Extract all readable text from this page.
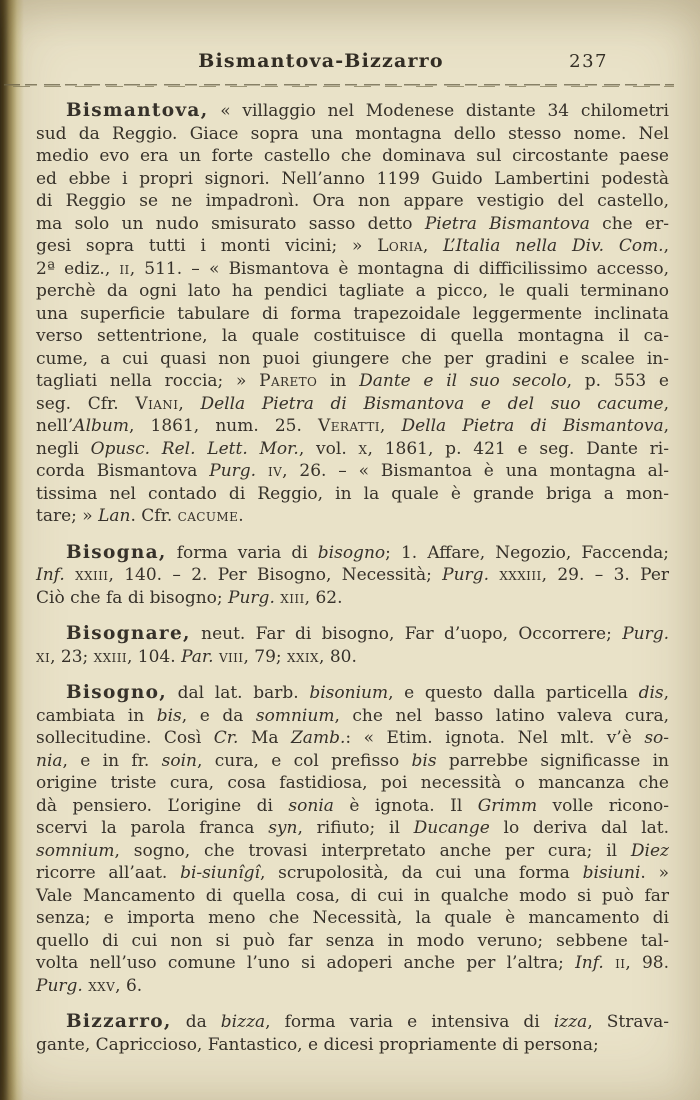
Bismantova-Bizzarro	237
Bismantova, « villaggio nel Modenese distante 34 chilometri
sud da Reggio. Giace sopra una montagna dello stesso nome. Nel
medio evo era un forte castello che dominava sul circostante paese
ed ebbe i propri signori. Nell’anno 1199 Guido Lambertini podestà
di Reggio se ne impadronì. Ora non appare vestigio del castello,
ma solo un nudo smisurato sasso detto Pietra Bismantova che er-
gesi sopra tutti i monti vicini; » Loria, L’Italia nella Div. Com.,
2ª ediz., ii, 511. – « Bismantova è montagna di difficilissimo accesso,
perchè da ogni lato ha pendici tagliate a picco, le quali terminano
una superficie tabulare di forma trapezoidale leggermente inclinata
verso settentrione, la quale costituisce di quella montagna il ca-
cume, a cui quasi non puoi giungere che per gradini e scalee in-
tagliati nella roccia; » Pareto in Dante e il suo secolo, p. 553 e
seg. Cfr. Viani, Della Pietra di Bismantova e del suo cacume,
nell’Album, 1861, num. 25. Veratti, Della Pietra di Bismantova,
negli Opusc. Rel. Lett. Mor., vol. x, 1861, p. 421 e seg. Dante ri-
corda Bismantova Purg. iv, 26. – « Bismantoa è una montagna al-
tissima nel contado di Reggio, in la quale è grande briga a mon-
tare; » Lan. Cfr. cacume.
Bisogna, forma varia di bisogno; 1. Affare, Negozio, Faccenda;
Inf. xxiii, 140. – 2. Per Bisogno, Necessità; Purg. xxxiii, 29. – 3. Per
Ciò che fa di bisogno; Purg. xiii, 62.
Bisognare, neut. Far di bisogno, Far d’uopo, Occorrere; Purg.
xi, 23; xxiii, 104. Par. viii, 79; xxix, 80.
Bisogno, dal lat. barb. bisonium, e questo dalla particella dis,
cambiata in bis, e da somnium, che nel basso latino valeva cura,
sollecitudine. Così Cr. Ma Zamb.: « Etim. ignota. Nel mlt. v’è so-
nia, e in fr. soin, cura, e col prefisso bis parrebbe significasse in
origine triste cura, cosa fastidiosa, poi necessità o mancanza che
dà pensiero. L’origine di sonia è ignota. Il Grimm volle ricono-
scervi la parola franca syn, rifiuto; il Ducange lo deriva dal lat.
somnium, sogno, che trovasi interpretato anche per cura; il Diez
ricorre all’aat. bi-siunîgî, scrupolosità, da cui una forma bisiuni. »
Vale Mancamento di quella cosa, di cui in qualche modo si può far
senza; e importa meno che Necessità, la quale è mancamento di
quello di cui non si può far senza in modo veruno; sebbene tal-
volta nell’uso comune l’uno si adoperi anche per l’altra; Inf. ii, 98.
Purg. xxv, 6.
Bizzarro, da bizza, forma varia e intensiva di izza, Strava-
gante, Capriccioso, Fantastico, e dicesi propriamente di persona;
